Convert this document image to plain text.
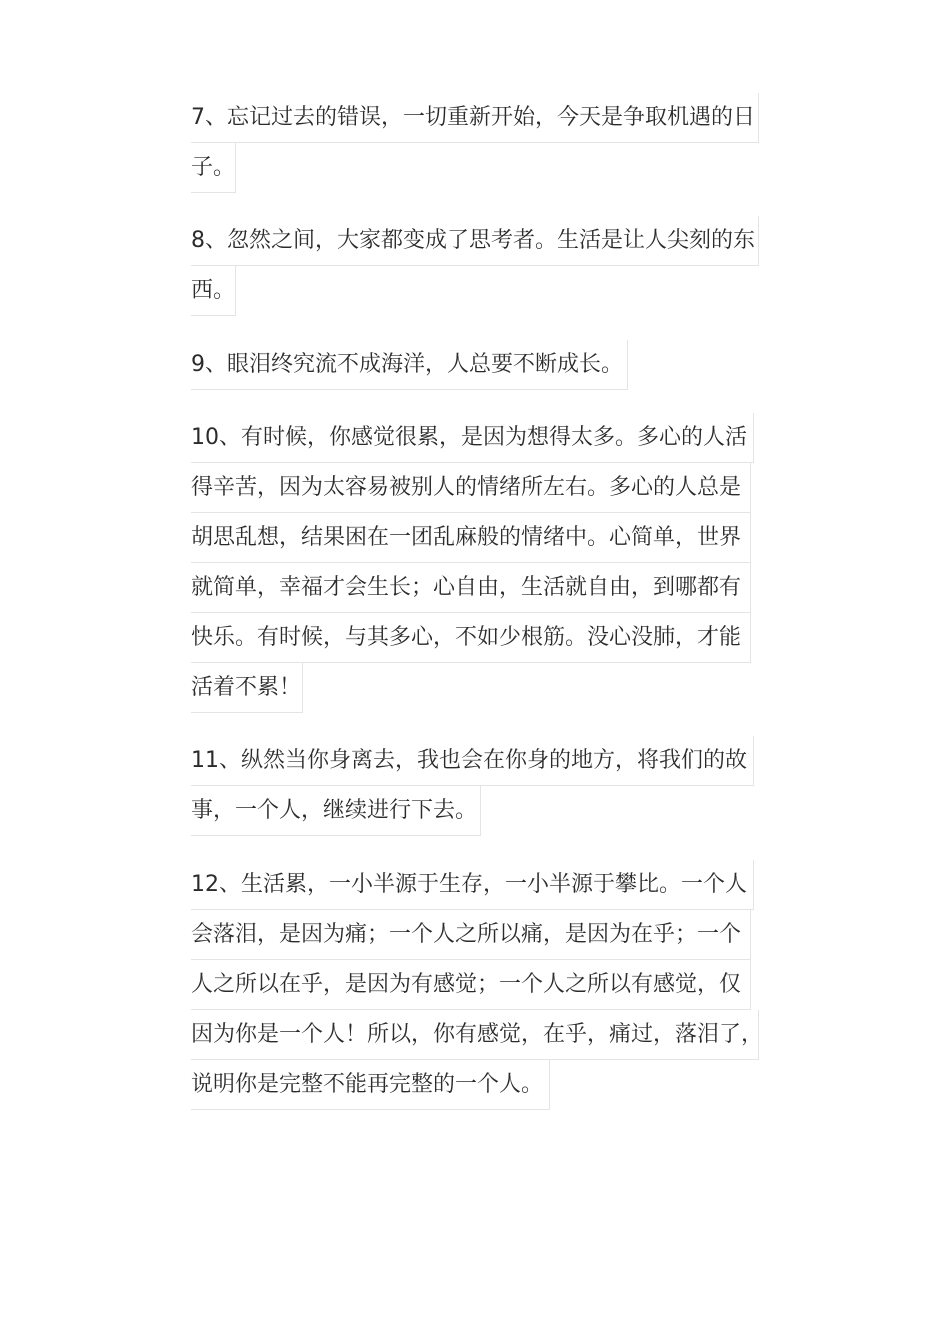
7、忘记过去的错误，一切重新开始，今天是争取机遇的日
子。
8、忽然之间，大家都变成了思考者。生活是让人尖刻的东
西。
9、眼泪终究流不成海洋，人总要不断成长。
10、有时候，你感觉很累，是因为想得太多。多心的人活
得辛苦，因为太容易被别人的情绪所左右。多心的人总是
胡思乱想，结果困在一团乱麻般的情绪中。心简单，世界
就简单，幸福才会生长；心自由，生活就自由，到哪都有
快乐。有时候，与其多心，不如少根筋。没心没肺，才能
活着不累！
11、纵然当你身离去，我也会在你身的地方，将我们的故
事，一个人，继续进行下去。
12、生活累，一小半源于生存，一小半源于攀比。一个人
会落泪，是因为痛；一个人之所以痛，是因为在乎；一个
人之所以在乎，是因为有感觉；一个人之所以有感觉，仅
因为你是一个人！所以，你有感觉，在乎，痛过，落泪了，
说明你是完整不能再完整的一个人。
